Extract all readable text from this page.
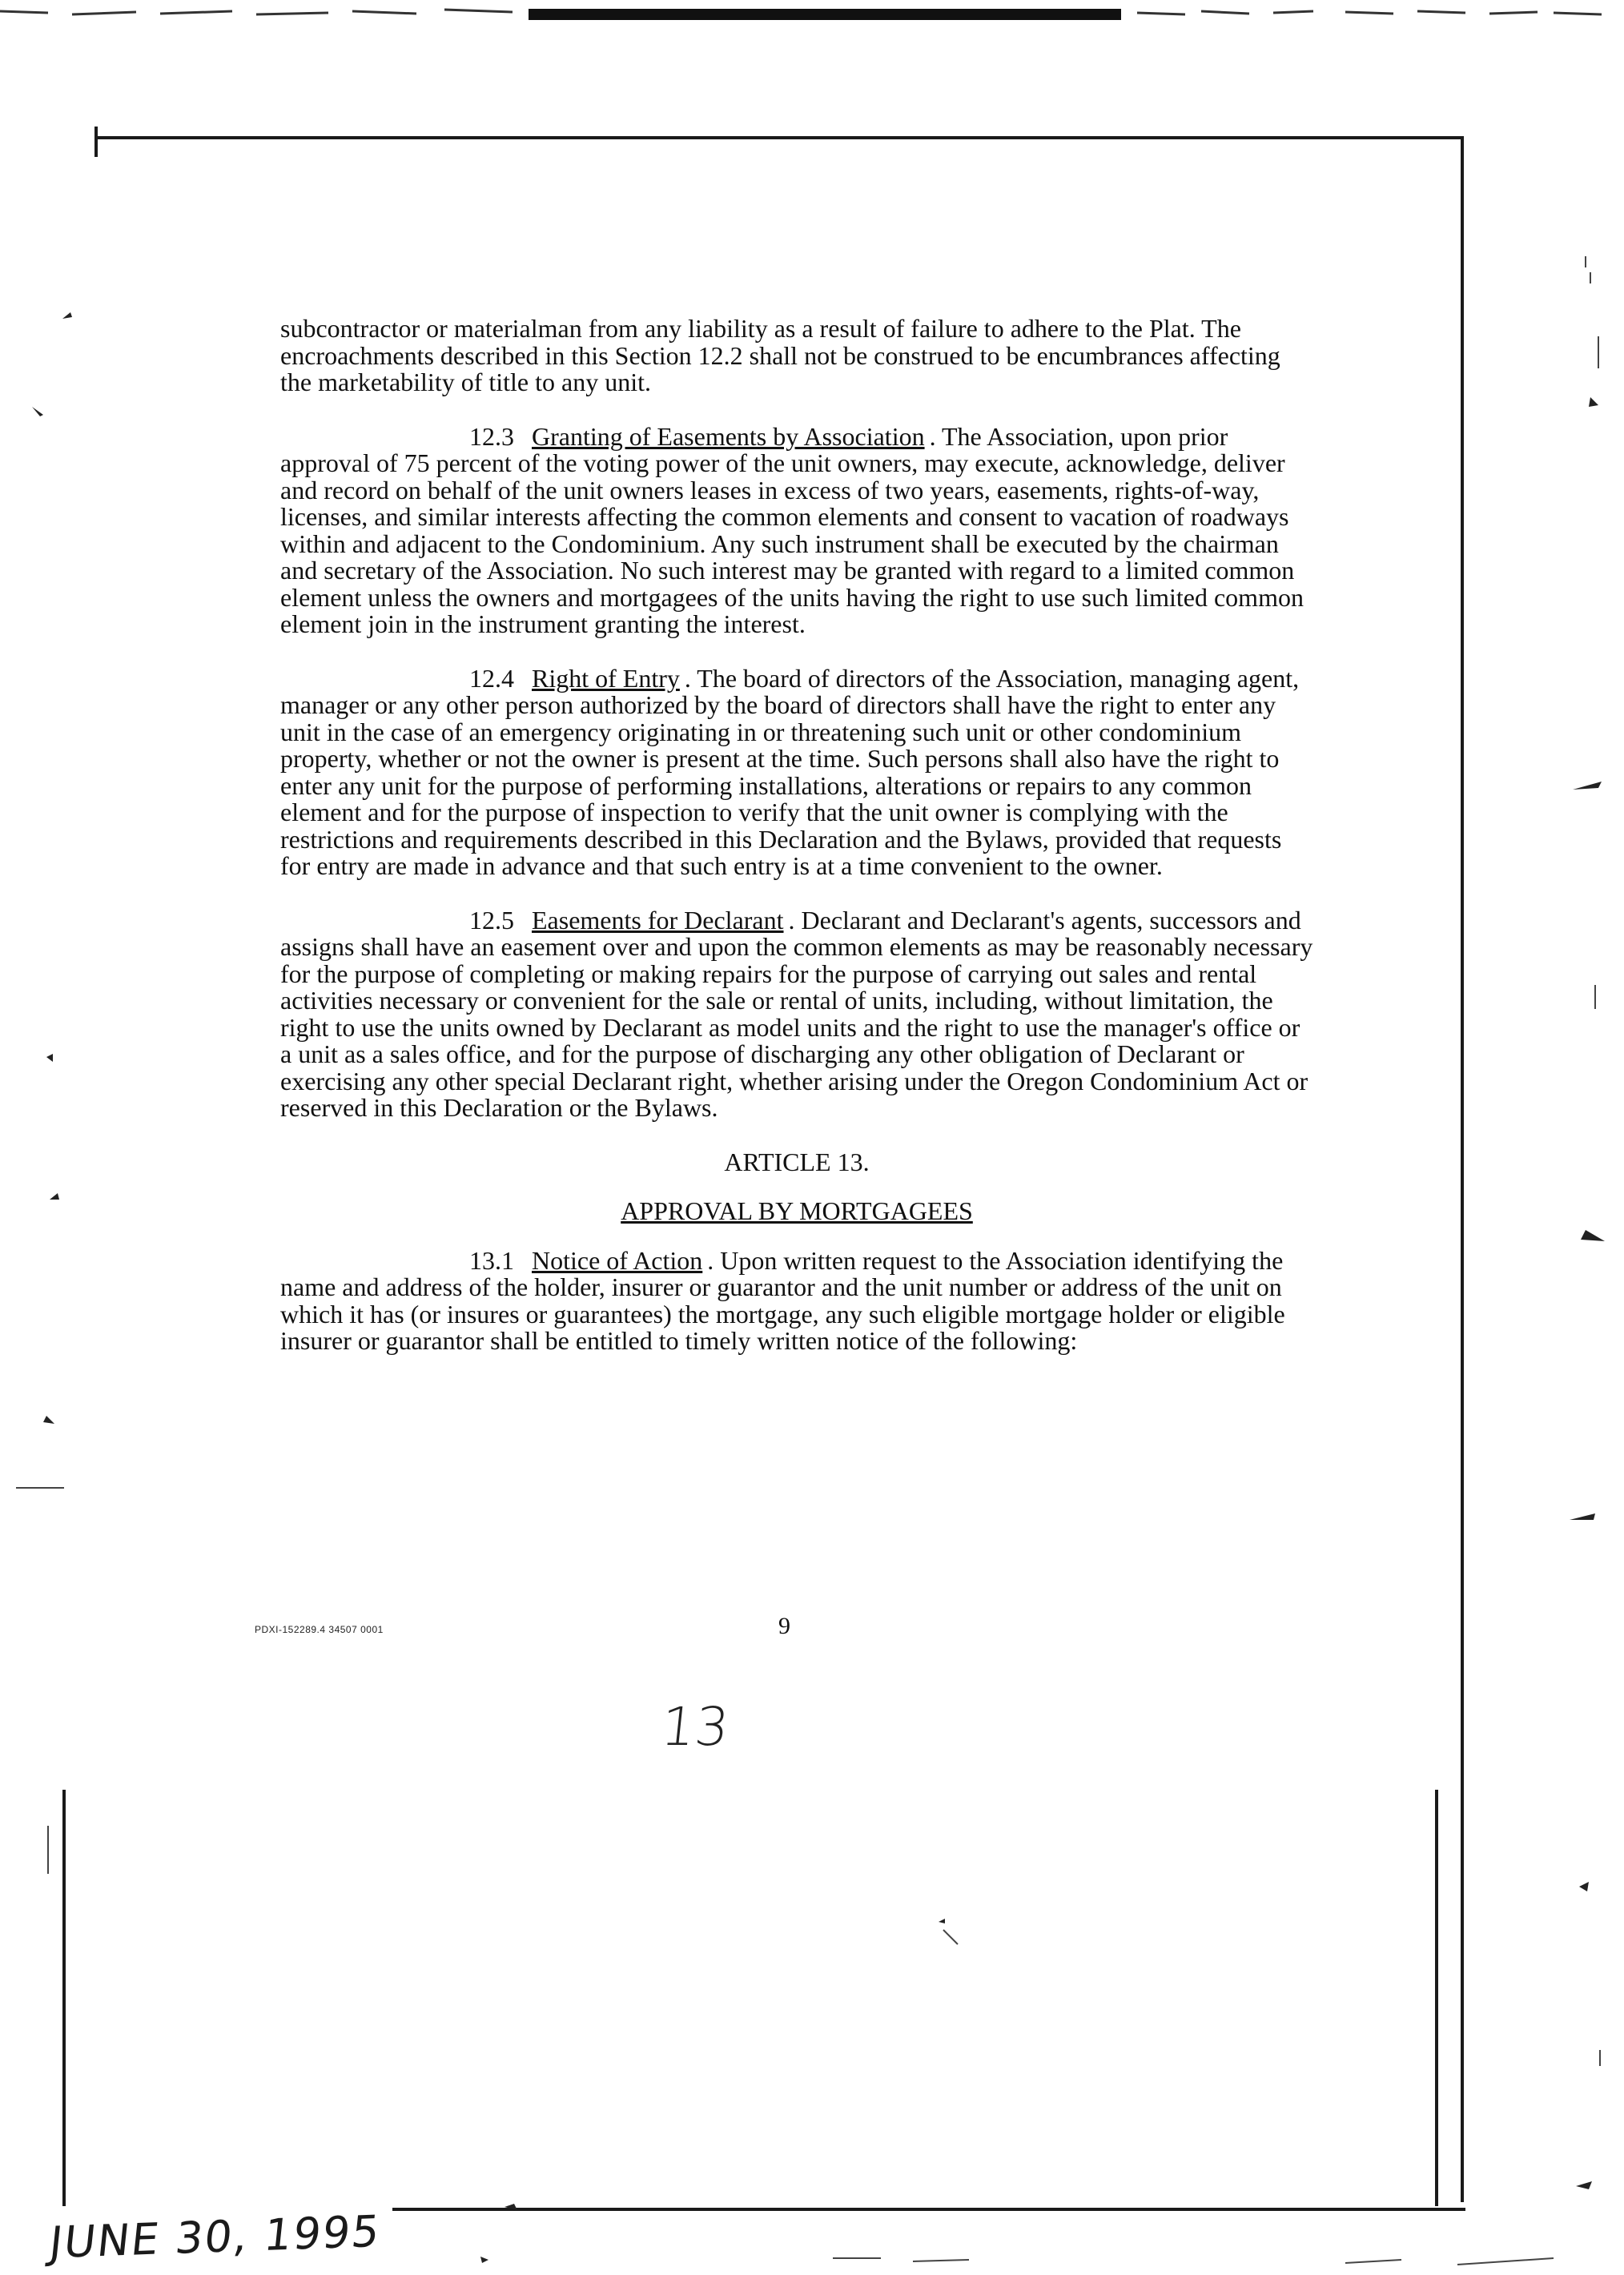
subcontractor or materialman from any liability as a result of failure to adhere to the Plat. The encroachments described in this Section 12.2 shall not be construed to be encumbrances affecting the marketability of title to any unit.

12.3 Granting of Easements by Association . The Association, upon prior approval of 75 percent of the voting power of the unit owners, may execute, acknowledge, deliver and record on behalf of the unit owners leases in excess of two years, easements, rights-of-way, licenses, and similar interests affecting the common elements and consent to vacation of roadways within and adjacent to the Condominium. Any such instrument shall be executed by the chairman and secretary of the Association. No such interest may be granted with regard to a limited common element unless the owners and mortgagees of the units having the right to use such limited common element join in the instrument granting the interest.

12.4 Right of Entry . The board of directors of the Association, managing agent, manager or any other person authorized by the board of directors shall have the right to enter any unit in the case of an emergency originating in or threatening such unit or other condominium property, whether or not the owner is present at the time. Such persons shall also have the right to enter any unit for the purpose of performing installations, alterations or repairs to any common element and for the purpose of inspection to verify that the unit owner is complying with the restrictions and requirements described in this Declaration and the Bylaws, provided that requests for entry are made in advance and that such entry is at a time convenient to the owner.

12.5 Easements for Declarant . Declarant and Declarant's agents, successors and assigns shall have an easement over and upon the common elements as may be reasonably necessary for the purpose of completing or making repairs for the purpose of carrying out sales and rental activities necessary or convenient for the sale or rental of units, including, without limitation, the right to use the units owned by Declarant as model units and the right to use the manager's office or a unit as a sales office, and for the purpose of discharging any other obligation of Declarant or exercising any other special Declarant right, whether arising under the Oregon Condominium Act or reserved in this Declaration or the Bylaws.

ARTICLE 13.
APPROVAL BY MORTGAGEES

13.1 Notice of Action . Upon written request to the Association identifying the name and address of the holder, insurer or guarantor and the unit number or address of the unit on which it has (or insures or guarantees) the mortgage, any such eligible mortgage holder or eligible insurer or guarantor shall be entitled to timely written notice of the following:

PDXI-152289.4 34507 0001	9
13
JUNE 30, 1995
